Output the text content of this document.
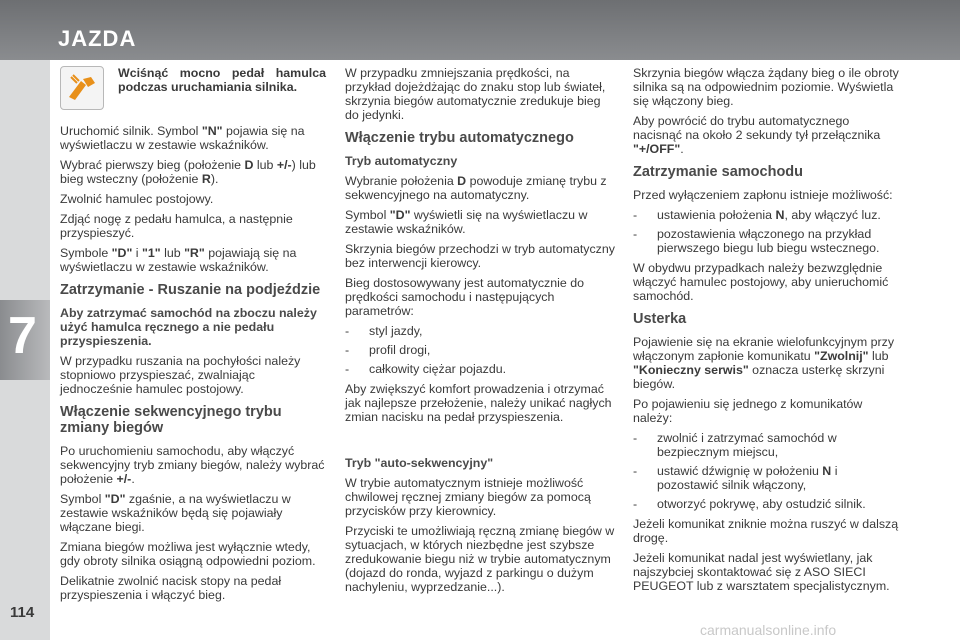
JAZDA
7
114
Wciśnąć mocno pedał hamulca podczas uruchamiania silnika.

Uruchomić silnik. Symbol "N" pojawia się na wyświetlaczu w zestawie wskaźników.

Wybrać pierwszy bieg (położenie D lub +/-) lub bieg wsteczny (położenie R).

Zwolnić hamulec postojowy.

Zdjąć nogę z pedału hamulca, a następnie przyspieszyć.

Symbole "D" i "1" lub "R" pojawiają się na wyświetlaczu w zestawie wskaźników.

Zatrzymanie - Ruszanie na podjeździe
Aby zatrzymać samochód na zboczu należy użyć hamulca ręcznego a nie pedału przyspieszenia.

W przypadku ruszania na pochyłości należy stopniowo przyspieszać, zwalniając jednocześnie hamulec postojowy.

Włączenie sekwencyjnego trybu zmiany biegów

Po uruchomieniu samochodu, aby włączyć sekwencyjny tryb zmiany biegów, należy wybrać położenie +/-.

Symbol "D" zgaśnie, a na wyświetlaczu w zestawie wskaźników będą się pojawiały włączane biegi.

Zmiana biegów możliwa jest wyłącznie wtedy, gdy obroty silnika osiągną odpowiedni poziom.

Delikatnie zwolnić nacisk stopy na pedał przyspieszenia i włączyć bieg.

W przypadku zmniejszania prędkości, na przykład dojeżdżając do znaku stop lub świateł, skrzynia biegów automatycznie zredukuje bieg do jedynki.

Włączenie trybu automatycznego
Tryb automatyczny

Wybranie położenia D powoduje zmianę trybu z sekwencyjnego na automatyczny.

Symbol "D" wyświetli się na wyświetlaczu w zestawie wskaźników.

Skrzynia biegów przechodzi w tryb automatyczny bez interwencji kierowcy.

Bieg dostosowywany jest automatycznie do prędkości samochodu i następujących parametrów:

- styl jazdy,
- profil drogi,
- całkowity ciężar pojazdu.

Aby zwiększyć komfort prowadzenia i otrzymać jak najlepsze przełożenie, należy unikać nagłych zmian nacisku na pedał przyspieszenia.

Tryb "auto-sekwencyjny"

W trybie automatycznym istnieje możliwość chwilowej ręcznej zmiany biegów za pomocą przycisków przy kierownicy.

Przyciski te umożliwiają ręczną zmianę biegów w sytuacjach, w których niezbędne jest szybsze zredukowanie biegu niż w trybie automatycznym (dojazd do ronda, wyjazd z parkingu o dużym nachyleniu, wyprzedzanie...).

Skrzynia biegów włącza żądany bieg o ile obroty silnika są na odpowiednim poziomie. Wyświetla się włączony bieg.

Aby powrócić do trybu automatycznego nacisnąć na około 2 sekundy tył przełącznika "+/OFF".

Zatrzymanie samochodu

Przed wyłączeniem zapłonu istnieje możliwość:

- ustawienia położenia N, aby włączyć luz.
- pozostawienia włączonego na przykład pierwszego biegu lub biegu wstecznego.

W obydwu przypadkach należy bezwzględnie włączyć hamulec postojowy, aby unieruchomić samochód.

Usterka

Pojawienie się na ekranie wielofunkcyjnym przy włączonym zapłonie komunikatu "Zwolnij" lub "Konieczny serwis" oznacza usterkę skrzyni biegów.

Po pojawieniu się jednego z komunikatów należy:

- zwolnić i zatrzymać samochód w bezpiecznym miejscu,
- ustawić dźwignię w położeniu N i pozostawić silnik włączony,
- otworzyć pokrywę, aby ostudzić silnik.

Jeżeli komunikat zniknie można ruszyć w dalszą drogę.

Jeżeli komunikat nadal jest wyświetlany, jak najszybciej skontaktować się z ASO SIECI PEUGEOT lub z warsztatem specjalistycznym.

carmanualsonline.info
